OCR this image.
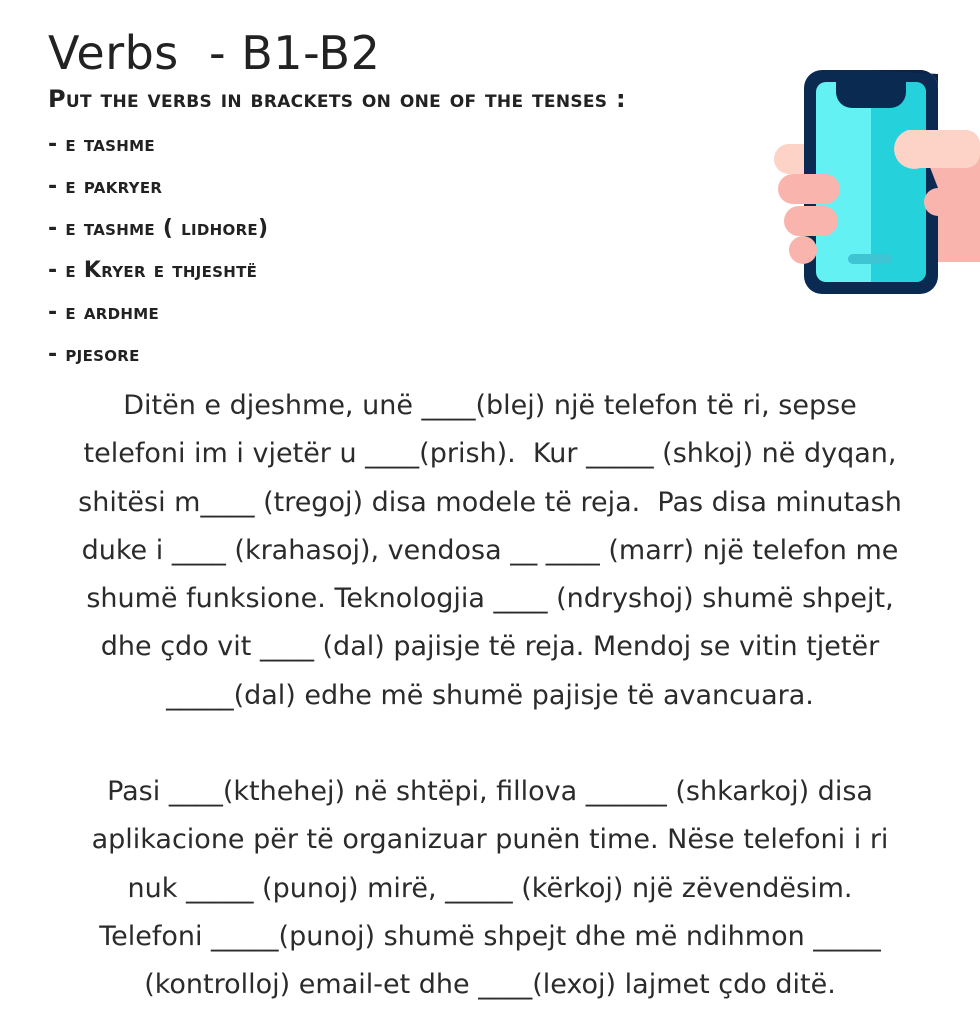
Verbs  - B1-B2

Put the verbs in brackets on one of the tenses :

- e tashme
- e pakryer
- e tashme ( lidhore)
- e Kryer e thjeshtë
- e ardhme
- pjesore
Ditën e djeshme, unë ____(blej) një telefon të ri, sepse
telefoni im i vjetër u ____(prish).  Kur _____ (shkoj) në dyqan,
shitësi m____ (tregoj) disa modele të reja.  Pas disa minutash
duke i ____ (krahasoj), vendosa __ ____ (marr) një telefon me
shumë funksione. Teknologjia ____ (ndryshoj) shumë shpejt,
dhe çdo vit ____ (dal) pajisje të reja. Mendoj se vitin tjetër
_____(dal) edhe më shumë pajisje të avancuara.
Pasi ____(kthehej) në shtëpi, fillova ______ (shkarkoj) disa
aplikacione për të organizuar punën time. Nëse telefoni i ri
nuk _____ (punoj) mirë, _____ (kërkoj) një zëvendësim.
Telefoni _____(punoj) shumë shpejt dhe më ndihmon _____
(kontrolloj) email-et dhe ____(lexoj) lajmet çdo ditë.
